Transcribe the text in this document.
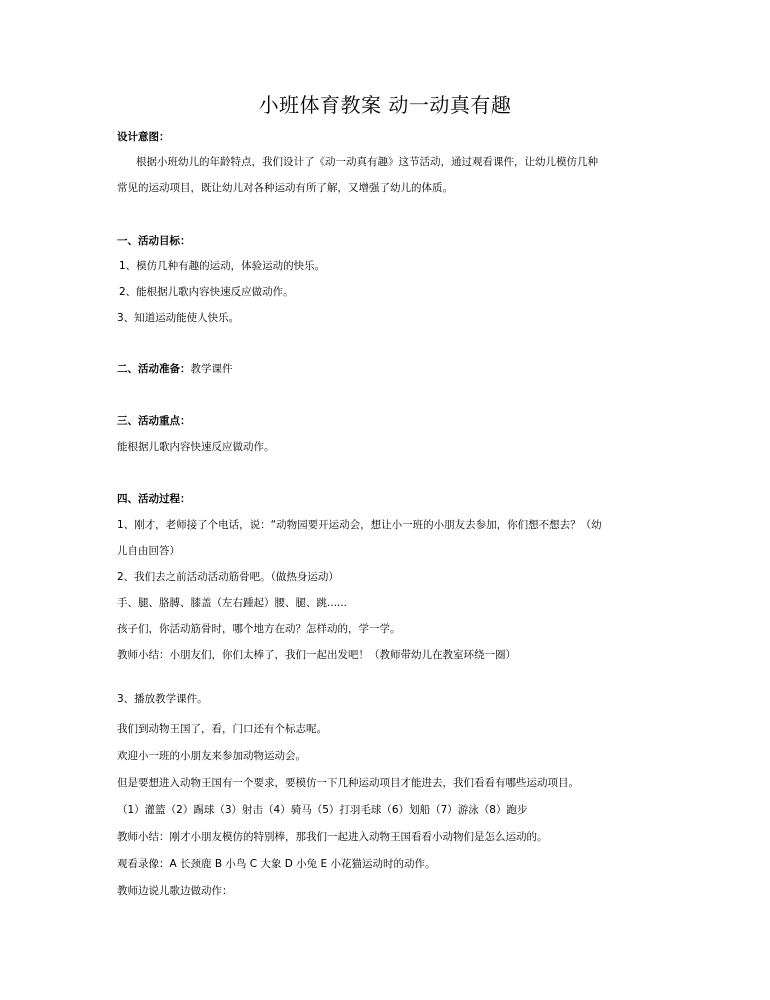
小班体育教案 动一动真有趣
设计意图：
根据小班幼儿的年龄特点，我们设计了《动一动真有趣》这节活动，通过观看课件，让幼儿模仿几种
常见的运动项目，既让幼儿对各种运动有所了解，又增强了幼儿的体质。
一、活动目标：
1、模仿几种有趣的运动，体验运动的快乐。
2、能根据儿歌内容快速反应做动作。
3、知道运动能使人快乐。
二、活动准备：教学课件
三、活动重点：
能根据儿歌内容快速反应做动作。
四、活动过程：
1、刚才，老师接了个电话，说：“动物园要开运动会，想让小一班的小朋友去参加，你们想不想去？（幼
儿自由回答）
2、我们去之前活动活动筋骨吧。（做热身运动）
手、腿、胳膊、膝盖（左右踵起）腰、腿、跳......
孩子们，你活动筋骨时，哪个地方在动？怎样动的，学一学。
教师小结：小朋友们，你们太棒了，我们一起出发吧！（教师带幼儿在教室环绕一圈）
3、播放教学课件。
我们到动物王国了，看，门口还有个标志呢。
欢迎小一班的小朋友来参加动物运动会。
但是要想进入动物王国有一个要求，要模仿一下几种运动项目才能进去，我们看看有哪些运动项目。
（1）灌篮（2）踢球（3）射击（4）骑马（5）打羽毛球（6）划船（7）游泳（8）跑步
教师小结：刚才小朋友模仿的特别棒，那我们一起进入动物王国看看小动物们是怎么运动的。
观看录像：A 长颈鹿 B 小鸟 C 大象 D 小兔 E 小花猫运动时的动作。
教师边说儿歌边做动作：
